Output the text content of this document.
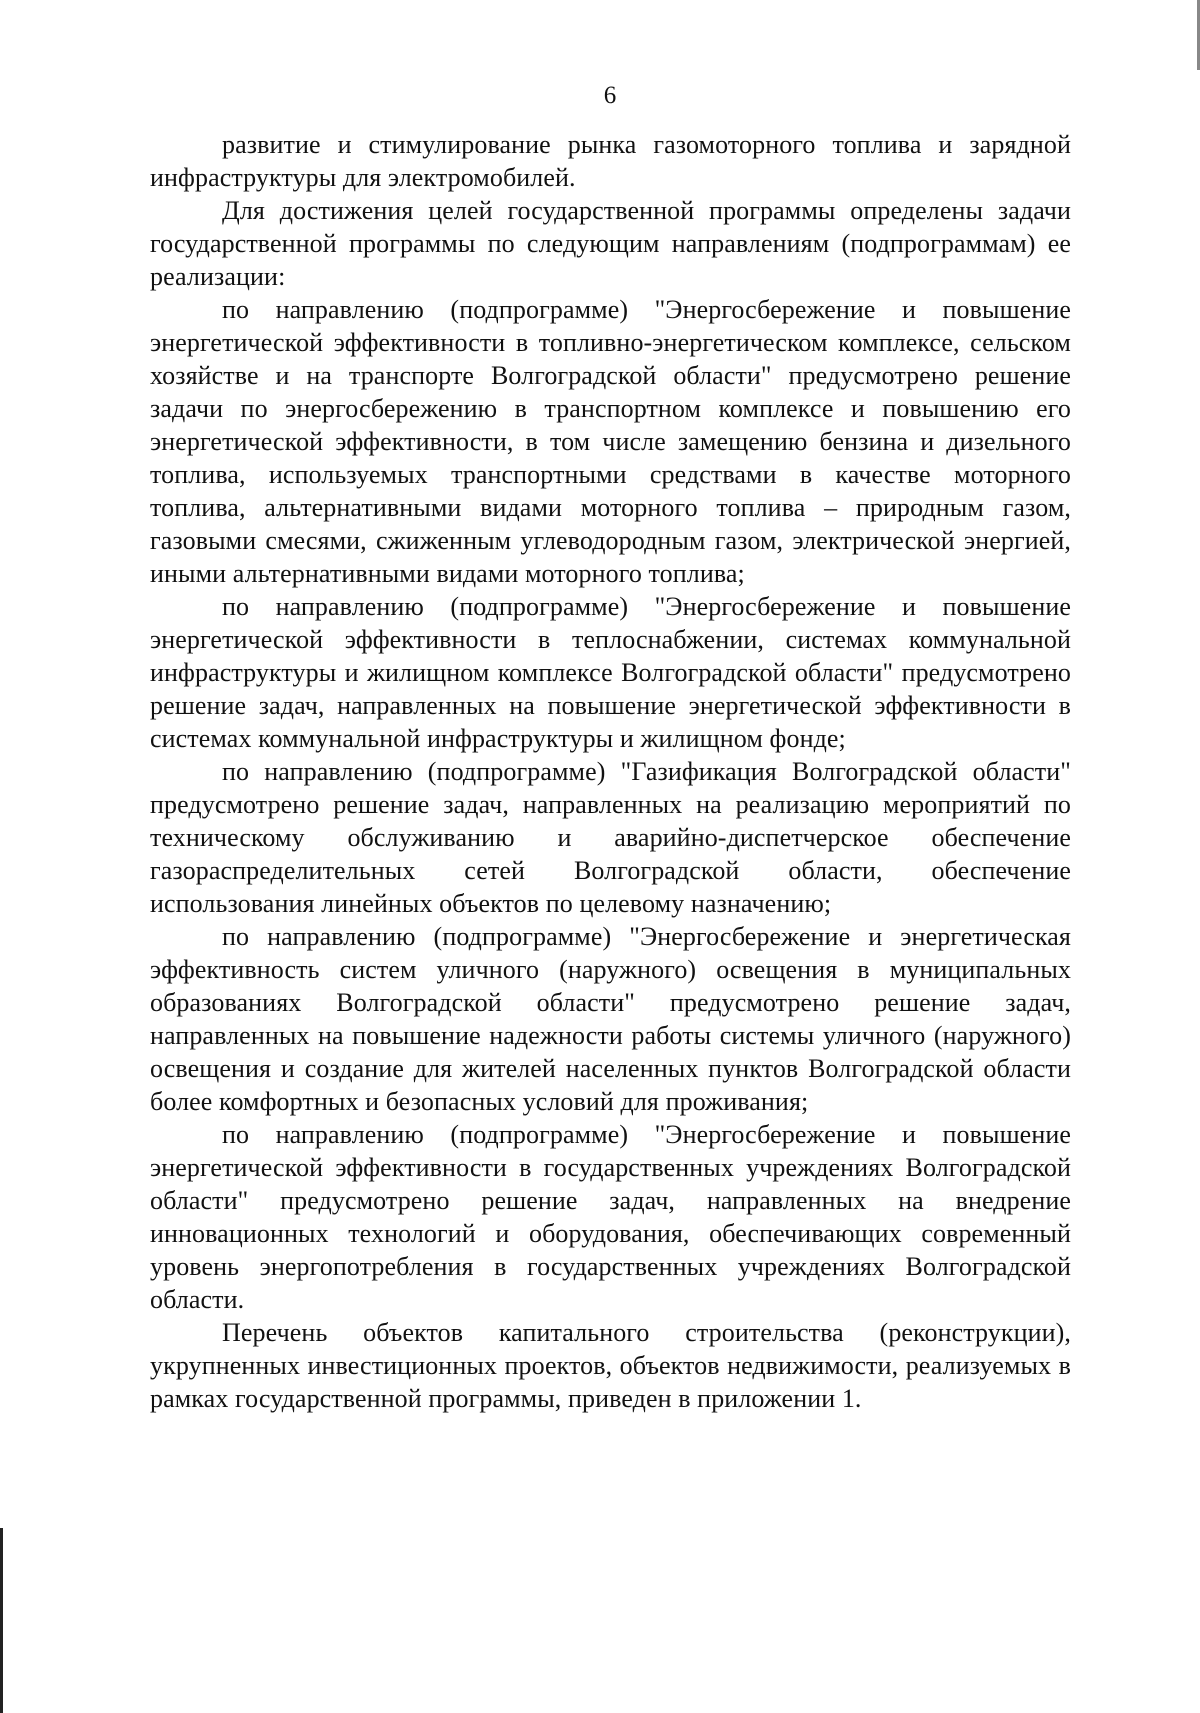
6

развитие и стимулирование рынка газомоторного топлива и зарядной инфраструктуры для электромобилей.

Для достижения целей государственной программы определены задачи государственной программы по следующим направлениям (подпрограммам) ее реализации:

по направлению (подпрограмме) "Энергосбережение и повышение энергетической эффективности в топливно-энергетическом комплексе, сельском хозяйстве и на транспорте Волгоградской области" предусмотрено решение задачи по энергосбережению в транспортном комплексе и повышению его энергетической эффективности, в том числе замещению бензина и дизельного топлива, используемых транспортными средствами в качестве моторного топлива, альтернативными видами моторного топлива – природным газом, газовыми смесями, сжиженным углеводородным газом, электрической энергией, иными альтернативными видами моторного топлива;

по направлению (подпрограмме) "Энергосбережение и повышение энергетической эффективности в теплоснабжении, системах коммунальной инфраструктуры и жилищном комплексе Волгоградской области" предусмотрено решение задач, направленных на повышение энергетической эффективности в системах коммунальной инфраструктуры и жилищном фонде;

по направлению (подпрограмме) "Газификация Волгоградской области" предусмотрено решение задач, направленных на реализацию мероприятий по техническому обслуживанию и аварийно-диспетчерское обеспечение газораспределительных сетей Волгоградской области, обеспечение использования линейных объектов по целевому назначению;

по направлению (подпрограмме) "Энергосбережение и энергетическая эффективность систем уличного (наружного) освещения в муниципальных образованиях Волгоградской области" предусмотрено решение задач, направленных на повышение надежности работы системы уличного (наружного) освещения и создание для жителей населенных пунктов Волгоградской области более комфортных и безопасных условий для проживания;

по направлению (подпрограмме) "Энергосбережение и повышение энергетической эффективности в государственных учреждениях Волгоградской области" предусмотрено решение задач, направленных на внедрение инновационных технологий и оборудования, обеспечивающих современный уровень энергопотребления в государственных учреждениях Волгоградской области.

Перечень объектов капитального строительства (реконструкции), укрупненных инвестиционных проектов, объектов недвижимости, реализуемых в рамках государственной программы, приведен в приложении 1.
